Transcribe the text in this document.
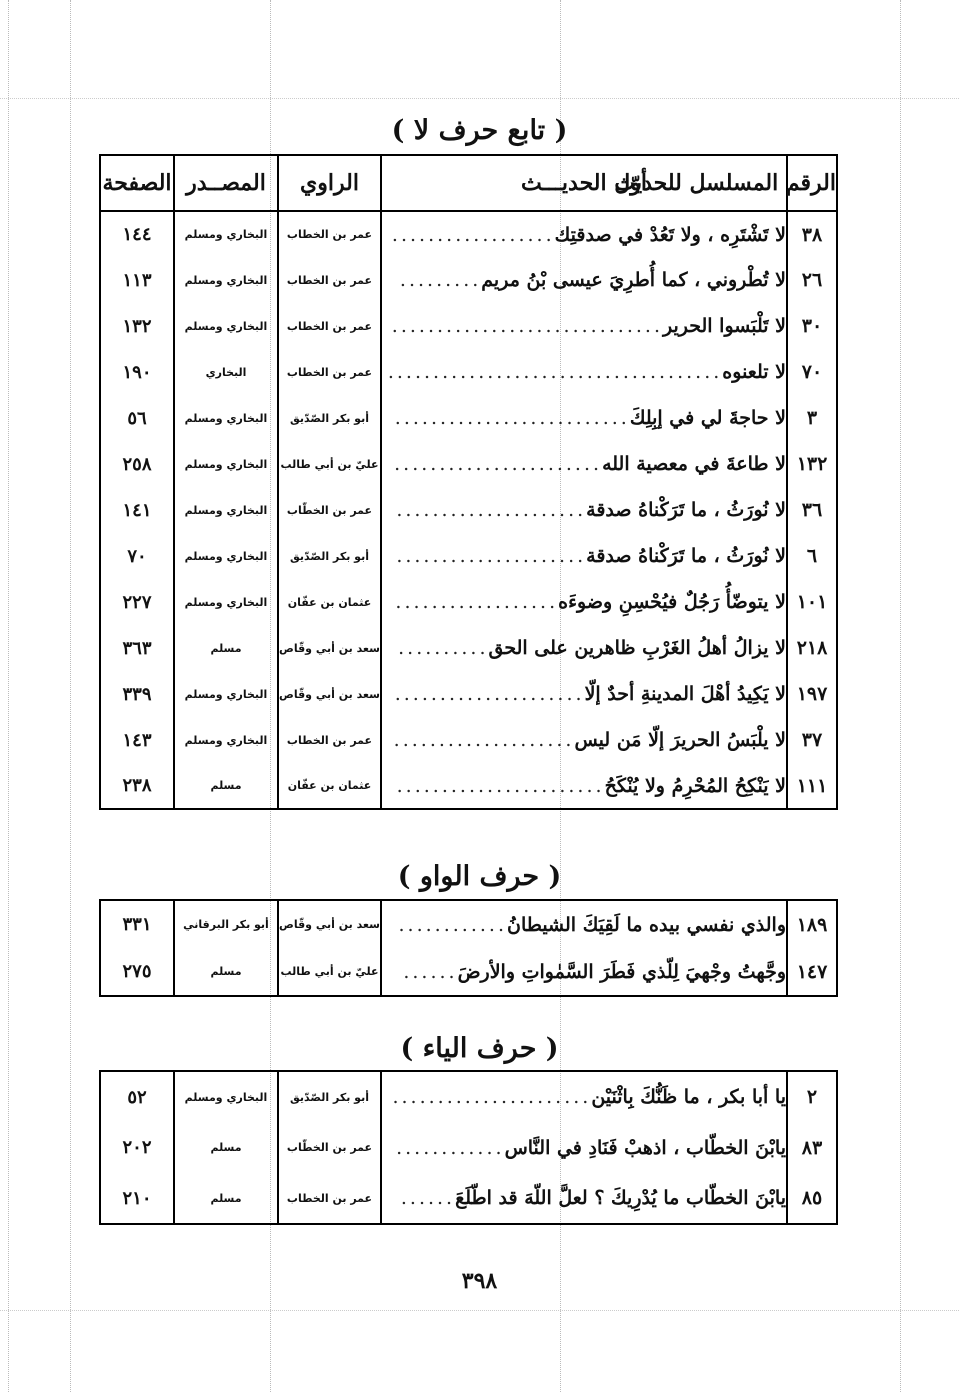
( تابع حرف لا )
الرقم المسلسل للحديث	أوّل الحديـــث	الراوي	المصــدر	الصفحة
٣٨	لا تَشْتَرِه ، ولا تَعُدْ في صدقتِك..................	عمر بن الخطاب	البخاري ومسلم	١٤٤
٢٦	لا تُطْروني ، كما أُطرِيَ عيسى بْنُ مريم.........	عمر بن الخطاب	البخاري ومسلم	١١٣
٣٠	لا تَلْبَسوا الحرير..............................	عمر بن الخطاب	البخاري ومسلم	١٣٢
٧٠	لا تلعنوه.....................................	عمر بن الخطاب	البخاري	١٩٠
٣	لا حاجةَ لي في إبِلِكَ..........................	أبو بكر الصّدّيق	البخاري ومسلم	٥٦
١٣٢	لا طاعةَ في معصية الله.......................	عليّ بن أبي طالب	البخاري ومسلم	٢٥٨
٣٦	لا نُورَثُ ، ما تَرَكْناهُ صدقة.....................	عمر بن الخطّاب	البخاري ومسلم	١٤١
٦	لا نُورَثُ ، ما تَرَكْناهُ صدقة.....................	أبو بكر الصّدّيق	البخاري ومسلم	٧٠
١٠١	لا يتوضّأُ رَجُلٌ فيُحْسِنِ وضوءَه..................	عثمان بن عفّان	البخاري ومسلم	٢٢٧
٢١٨	لا يزالُ أهلُ الغَرْبِ ظاهرين على الحق..........	سعد بن أبي وقّاص	مسلم	٣٦٣
١٩٧	لا يَكِيدُ أهْلَ المدينةِ أحدٌ إلّا.....................	سعد بن أبي وقّاص	البخاري ومسلم	٣٣٩
٣٧	لا يلْبَسُ الحريرَ إلّا مَن ليس....................	عمر بن الخطاب	البخاري ومسلم	١٤٣
١١١	لا يَنْكِحُ المُحْرِمُ ولا يُنْكَحُ.......................	عثمان بن عفّان	مسلم	٢٣٨
( حرف الواو )
١٨٩	والذي نفسي بيده ما لَقِيَكَ الشيطانُ............	سعد بن أبي وقّاص	أبو بكر البرقاني	٣٣١
١٤٧	وجَّهتُ وجْهيَ لِلّذي فَطَرَ السَّمٰواتِ والأرضَ......	عليّ بن أبي طالب	مسلم	٢٧٥
( حرف الياء )
٢	يا أبا بكر ، ما ظَنُّكَ بِاثْنَيْن......................	أبو بكر الصّدّيق	البخاري ومسلم	٥٢
٨٣	يابْنَ الخطّاب ، اذهبْ فَنَادِ في النَّاس............	عمر بن الخطّاب	مسلم	٢٠٢
٨٥	يابْنَ الخطّاب ما يُدْرِيكَ ؟ لعلَّ اللّهَ قد اطّلَعَ......	عمر بن الخطاب	مسلم	٢١٠
٣٩٨
